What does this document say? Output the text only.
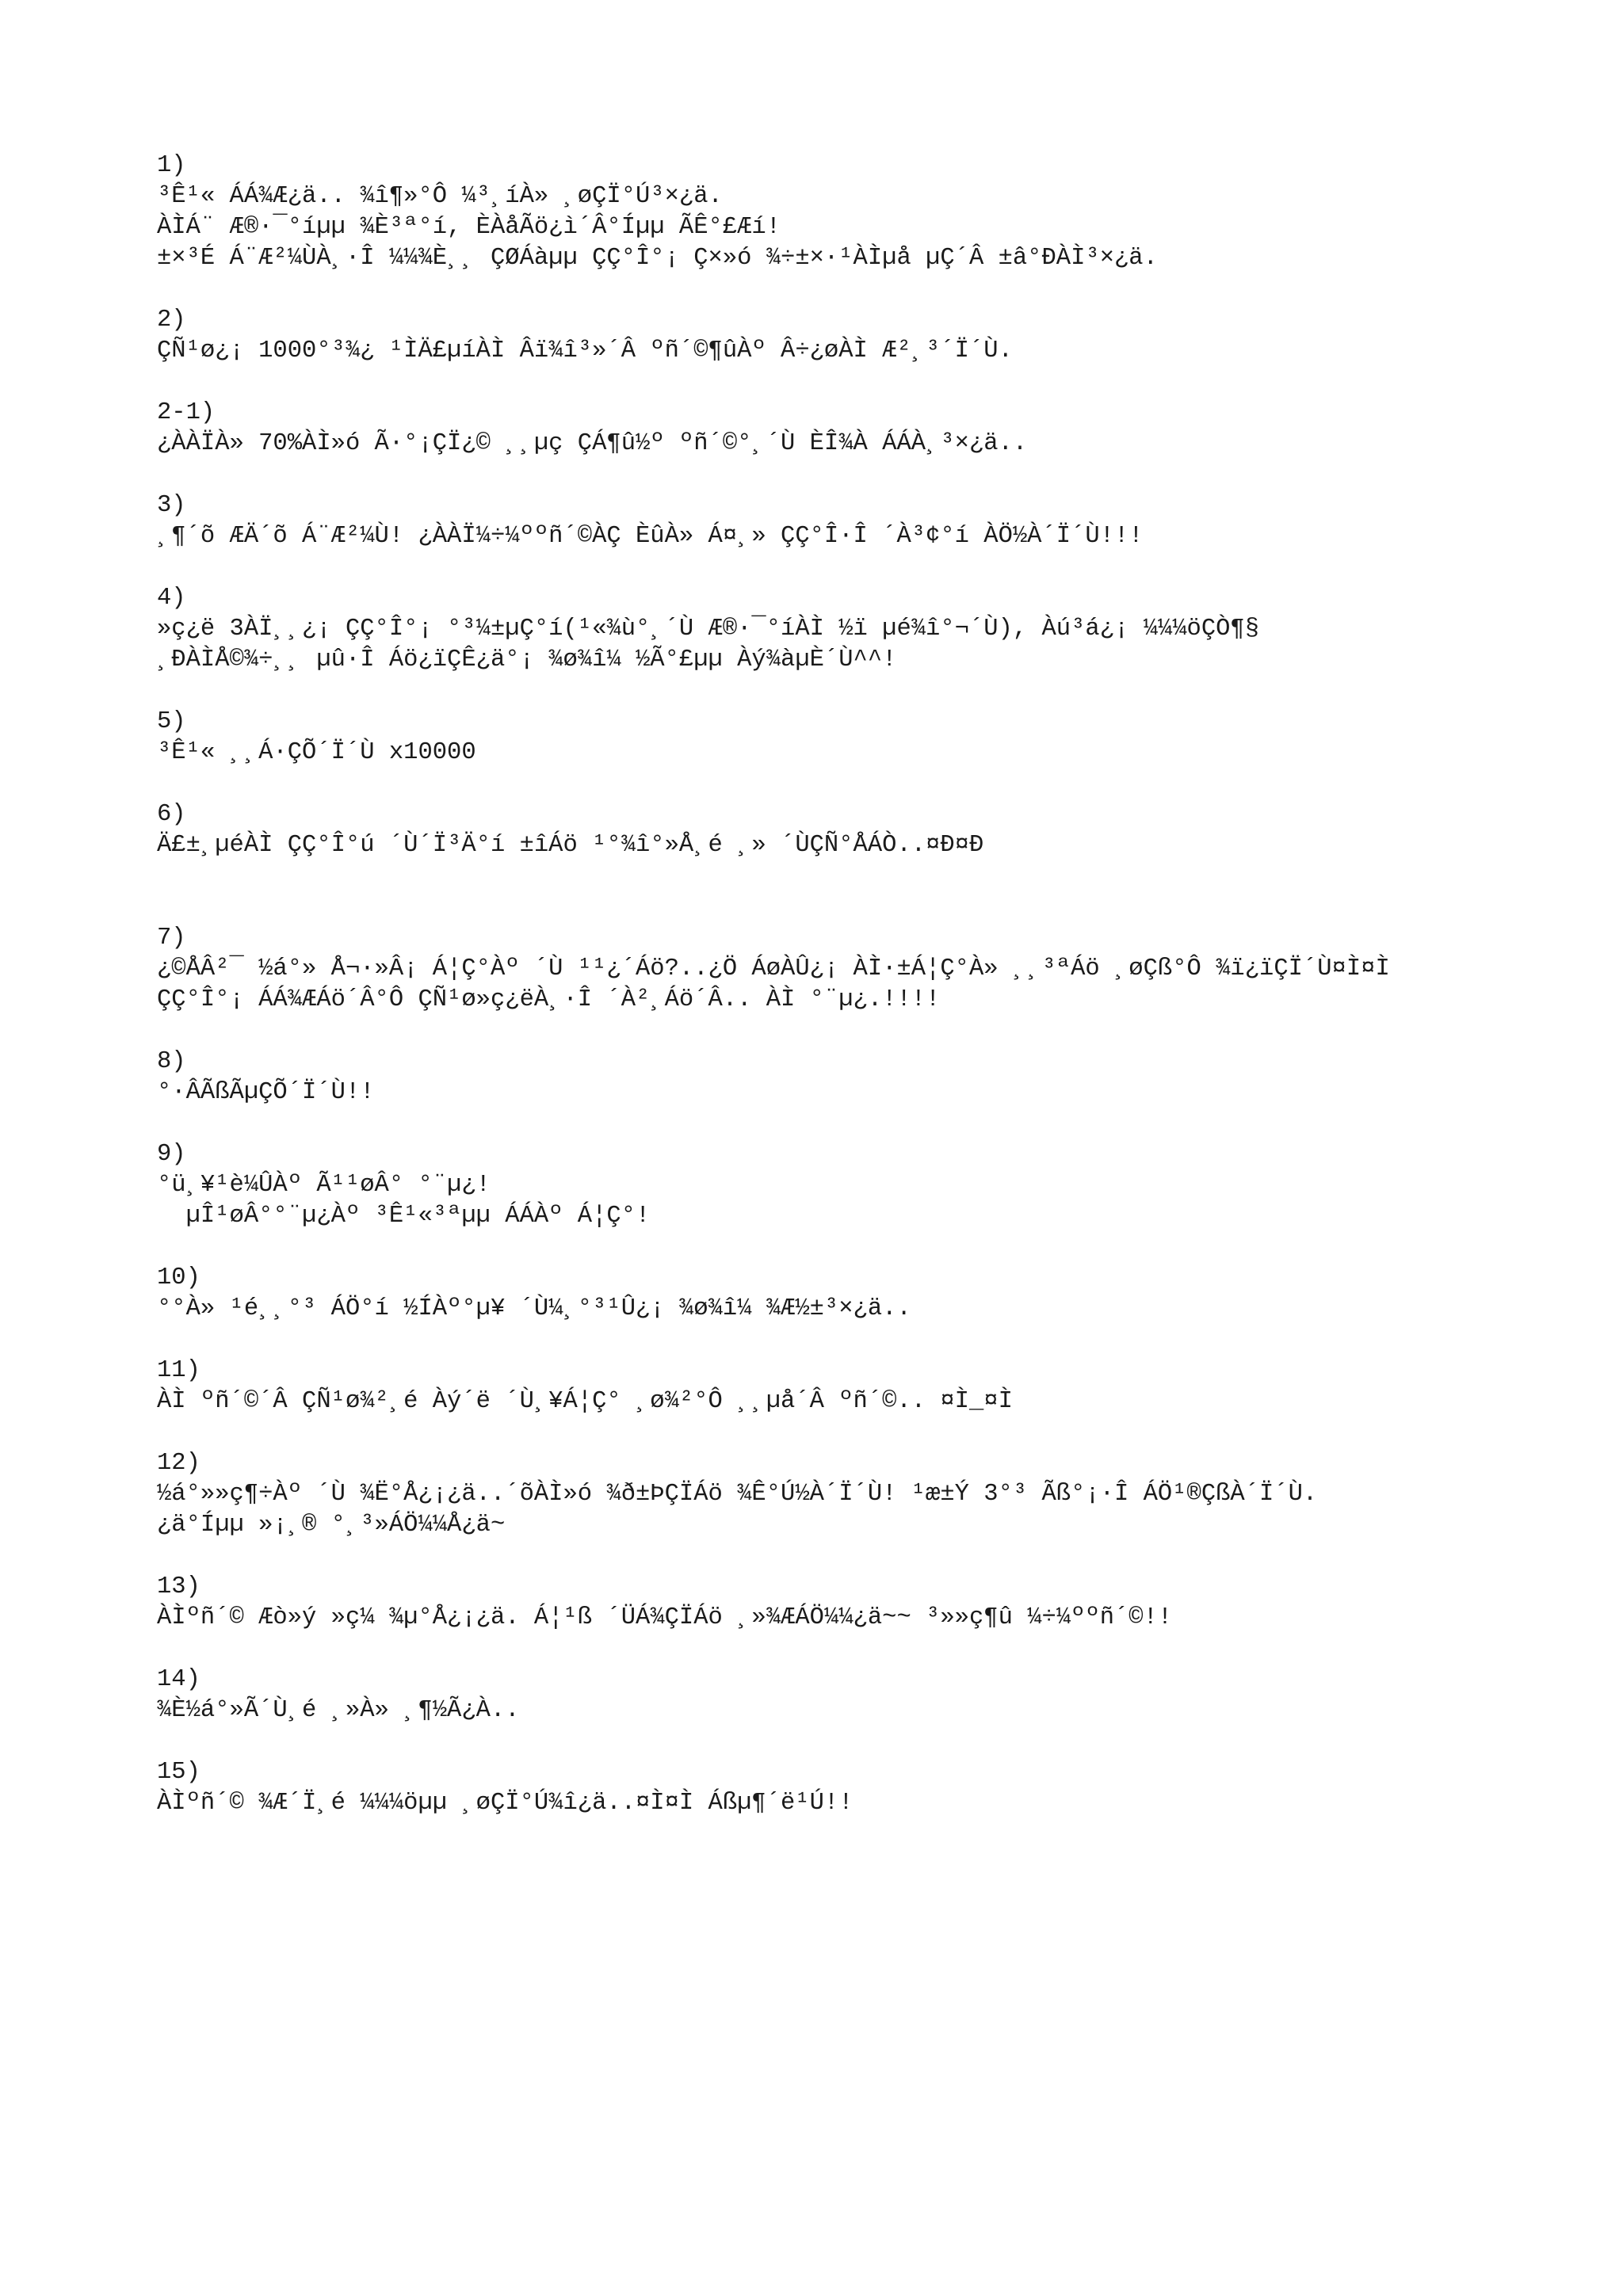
1)
³Ê¹« ÁÁ¾Æ¿ä.. ¾î¶»°Ô ¼³¸íÀ» ¸øÇÏ°Ú³×¿ä.
ÀÌÁ¨ Æ®·¯°íµµ ¾È³ª°í, ÈÀåÃö¿ì´Â°Íµµ ÃÊ°£Æí!
±×³É Á¨Æ²¼ÙÀ¸·Î ¼¼¾È¸¸ ÇØÁàµµ ÇÇ°Î°¡ Ç×»ó ¾÷±×·¹ÀÌµå µÇ´Â ±â°ÐÀÌ³×¿ä.
2)
ÇÑ¹ø¿¡ 1000°³¾¿ ¹ÌÄ£µíÀÌ Âï¾î³»´Â ºñ´©¶ûÀº Â÷¿øÀÌ Æ²¸³´Ï´Ù.
2-1)
¿ÀÀÏÀ» 70%ÀÌ»ó Ã·°¡ÇÏ¿© ¸¸µç ÇÁ¶û½º ºñ´©°¸´Ù ÈÎ¾À ÁÁÀ¸³×¿ä..
3)
¸¶´õ ÆÄ´õ Á¨Æ²¼Ù! ¿ÀÀÏ¼÷¼ººñ´©ÀÇ ÈûÀ» Á¤¸» ÇÇ°Î·Î ´À³¢°í ÀÖ½À´Ï´Ù!!!
4)
»ç¿ë 3ÀÏ¸¸¿¡ ÇÇ°Î°¡ °³¼±µÇ°í(¹«¾ù°¸´Ù Æ®·¯°íÀÌ ½ï µé¾î°¬´Ù), Àú³á¿¡ ¼¼¼öÇÒ¶§
¸ÐÀÌÅ©¾÷¸¸ µû·Î Áö¿ïÇÊ¿ä°¡ ¾ø¾î¼ ½Ã°£µµ Àý¾àµÈ´Ù^^!
5)
³Ê¹« ¸¸Á·ÇÕ´Ï´Ù x10000
6)
Ä£±¸µéÀÌ ÇÇ°Î°ú ´Ù´Ï³Ä°í ±îÁö ¹°¾î°»Å¸é ¸» ´ÙÇÑ°ÅÁÒ..¤Ð¤Ð
7)
¿©ÅÂ²¯ ½á°» Å¬·»Â¡ Á¦Ç°Àº ´Ù ¹¹¿´Áö?..¿Ö ÁøÀÛ¿¡ ÀÌ·±Á¦Ç°À» ¸¸³ªÁö ¸øÇß°Ô ¾ï¿ïÇÏ´Ù¤Ì¤Ì
ÇÇ°Î°¡ ÁÁ¾ÆÁö´Â°Ô ÇÑ¹ø»ç¿ëÀ¸·Î ´À²¸Áö´Â.. ÀÌ °¨µ¿.!!!!
8)
°·ÂÃßÃµÇÕ´Ï´Ù!!
9)
°ü¸¥¹è¼ÛÀº Ã¹¹øÂ° °¨µ¿!
µÎ¹øÂ°°¨µ¿Àº ³Ê¹«³ªµµ ÁÁÀº Á¦Ç°!
10)
°°À» ¹é¸¸°³ ÁÖ°í ½ÍÀº°µ¥ ´Ù¼¸°³¹Û¿¡ ¾ø¾î¼ ¾Æ½±³×¿ä..
11)
ÀÌ ºñ´©´Â ÇÑ¹ø¾²¸é Àý´ë ´Ù¸¥Á¦Ç° ¸ø¾²°Ô ¸¸µå´Â ºñ´©.. ¤Ì_¤Ì
12)
½á°»»ç¶÷Àº ´Ù ¾Ë°Å¿¡¿ä..´õÀÌ»ó ¾ð±ÞÇÏÁö ¾Ê°Ú½À´Ï´Ù! ¹æ±Ý 3°³ Ãß°¡·Î ÁÖ¹®ÇßÀ´Ï´Ù.
¿ä°Íµµ »¡¸® °¸³»ÁÖ¼¼Å¿ä~
13)
ÀÌºñ´© Æò»ý »ç¼ ¾µ°Å¿¡¿ä. Á¦¹ß ´ÜÁ¾ÇÏÁö ¸»¾ÆÁÖ¼¼¿ä~~ ³»»ç¶û ¼÷¼ººñ´©!!
14)
¾È½á°»Ã´Ù¸é ¸»À» ¸¶½Ã¿À..
15)
ÀÌºñ´© ¾Æ´Ï¸é ¼¼¼öµµ ¸øÇÏ°Ú¾î¿ä..¤Ì¤Ì Áßµ¶´ë¹Ú!!
